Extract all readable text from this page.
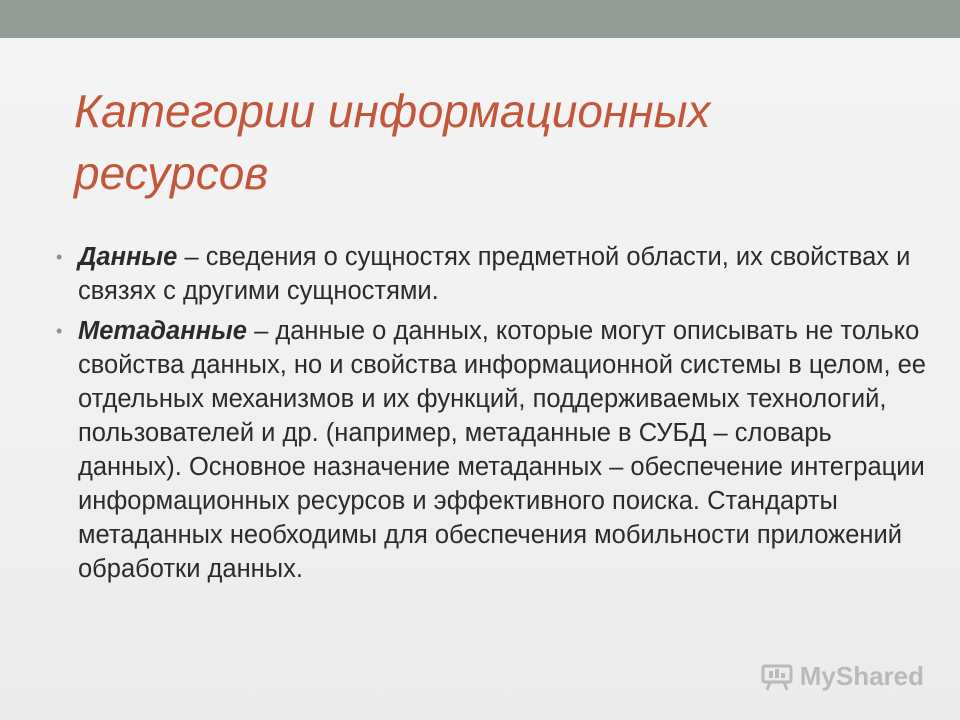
Категории информационных ресурсов
• Данные – сведения о сущностях предметной области, их свойствах и связях с другими сущностями.
• Метаданные – данные о данных, которые могут описывать не только свойства данных, но и свойства информационной системы в целом, ее отдельных механизмов и их функций, поддерживаемых технологий, пользователей и др. (например, метаданные в СУБД – словарь данных). Основное назначение метаданных – обеспечение интеграции информационных ресурсов и эффективного поиска. Стандарты метаданных необходимы для обеспечения мобильности приложений обработки данных.
MyShared
